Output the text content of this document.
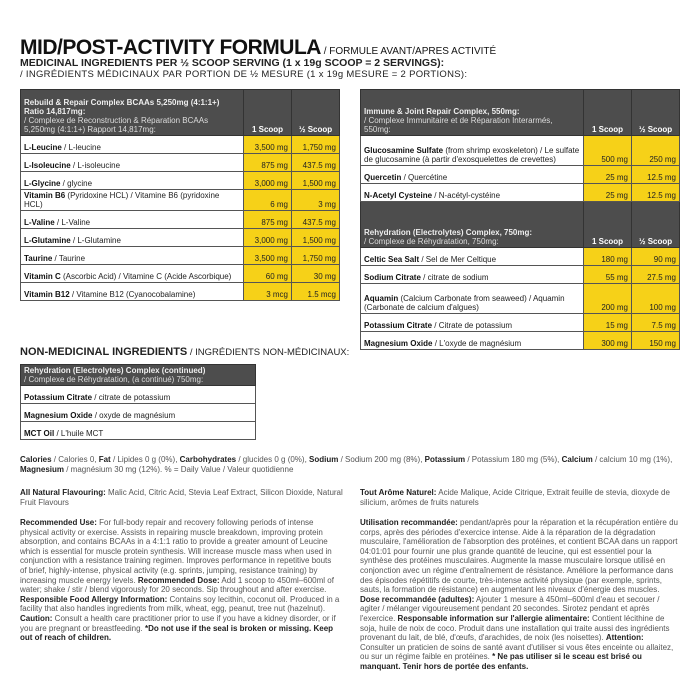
MID/POST-ACTIVITY FORMULA / FORMULE AVANT/APRES ACTIVITÉ
MEDICINAL INGREDIENTS PER ½ SCOOP SERVING (1 x 19g SCOOP = 2 SERVINGS):
/ INGRÉDIENTS MÉDICINAUX PAR PORTION DE ½ MESURE (1 x 19g MESURE = 2 PORTIONS):
Rebuild & Repair Complex BCAAs 5,250mg (4:1:1+) Ratio 14,817mg:
/ Complexe de Reconstruction & Réparation BCAAs 5,250mg (4:1:1+) Rapport 14,817mg:	1 Scoop	½ Scoop
L-Leucine / L-leucine	3,500 mg	1,750 mg
L-Isoleucine / L-isoleucine	875 mg	437.5 mg
L-Glycine / glycine	3,000 mg	1,500 mg
Vitamin B6 (Pyridoxine HCL) / Vitamine B6 (pyridoxine HCL)	6 mg	3 mg
L-Valine / L-Valine	875 mg	437.5 mg
L-Glutamine / L-Glutamine	3,000 mg	1,500 mg
Taurine / Taurine	3,500 mg	1,750 mg
Vitamin C (Ascorbic Acid) / Vitamine C (Acide Ascorbique)	60 mg	30 mg
Vitamin B12 / Vitamine B12 (Cyanocobalamine)	3 mcg	1.5 mcg
Immune & Joint Repair Complex, 550mg:
/ Complexe Immunitaire et de Réparation Interarmés, 550mg:	1 Scoop	½ Scoop
Glucosamine Sulfate (from shrimp exoskeleton) / Le sulfate de glucosamine (à partir d'exosquelettes de crevettes)	500 mg	250 mg
Quercetin / Quercétine	25 mg	12.5 mg
N-Acetyl Cysteine / N-acétyl-cystéine	25 mg	12.5 mg

Rehydration (Electrolytes) Complex, 750mg:
/ Complexe de Réhydratation, 750mg:	1 Scoop	½ Scoop
Celtic Sea Salt / Sel de Mer Celtique	180 mg	90 mg
Sodium Citrate / citrate de sodium	55 mg	27.5 mg
Aquamin (Calcium Carbonate from seaweed) / Aquamin (Carbonate de calcium d'algues)	200 mg	100 mg
Potassium Citrate / Citrate de potassium	15 mg	7.5 mg
Magnesium Oxide / L'oxyde de magnésium	300 mg	150 mg
NON-MEDICINAL INGREDIENTS / INGRÉDIENTS NON-MÉDICINAUX:
Rehydration (Electrolytes) Complex (continued)
/ Complexe de Réhydratation, (a continué) 750mg:

Potassium Citrate / citrate de potassium
Magnesium Oxide / oxyde de magnésium
MCT Oil / L'huile MCT
Calories / Calories 0, Fat / Lipides 0 g (0%), Carbohydrates / glucides 0 g (0%), Sodium / Sodium 200 mg (8%), Potassium / Potassium 180 mg (5%), Calcium / calcium 10 mg (1%), Magnesium / magnésium 30 mg (12%). % = Daily Value / Valeur quotidienne
All Natural Flavouring: Malic Acid, Citric Acid, Stevia Leaf Extract, Silicon Dioxide, Natural Fruit Flavours
Tout Arôme Naturel: Acide Malique, Acide Citrique, Extrait feuille de stevia, dioxyde de silicium, arômes de fruits naturels
Recommended Use: For full-body repair and recovery following periods of intense physical activity or exercise. Assists in repairing muscle breakdown, improving protein absorption, and contains BCAAs in a 4:1:1 ratio to provide a greater amount of Leucine which is essential for muscle protein synthesis. Will increase muscle mass when used in conjunction with a resistance training regimen. Improves performance in repetitive bouts of brief, highly-intense, physical activity (e.g. sprints, jumping, resistance training) by increasing muscle energy levels. Recommended Dose: Add 1 scoop to 450ml–600ml of water; shake / stir / blend vigorously for 20 seconds. Sip throughout and after exercise. Responsible Food Allergy Information: Contains soy lecithin, coconut oil. Produced in a facility that also handles ingredients from milk, wheat, egg, peanut, tree nut (hazelnut). Caution: Consult a health care practitioner prior to use if you have a kidney disorder, or if you are pregnant or breastfeeding. *Do not use if the seal is broken or missing. Keep out of reach of children.
Utilisation recommandée: pendant/après pour la réparation et la récupération entière du corps, après des périodes d'exercice intense. Aide à la réparation de la dégradation musculaire, l'amélioration de l'absorption des protéines, et contient BCAA dans un rapport 04:01:01 pour fournir une plus grande quantité de leucine, qui est essentiel pour la synthèse des protéines musculaires. Augmente la masse musculaire lorsque utilisé en conjonction avec un régime d'entraînement de résistance. Améliore la performance dans des épisodes répétitifs de courte, très-intense activité physique (par exemple, sprints, sauts, la formation de résistance) en augmentant les niveaux d'énergie des muscles. Dose recommandée (adultes): Ajouter 1 mesure à 450ml–600ml d'eau et secouer / agiter / mélanger vigoureusement pendant 20 secondes. Sirotez pendant et après l'exercice. Responsable information sur l'allergie alimentaire: Contient lécithine de soja, huile de noix de coco. Produit dans une installation qui traite aussi des ingrédients provenant du lait, de blé, d'œufs, d'arachides, de noix (les noisettes). Attention: Consulter un praticien de soins de santé avant d'utiliser si vous êtes enceinte ou allaitez, ou sur un régime faible en protéines. * Ne pas utiliser si le sceau est brisé ou manquant. Tenir hors de portée des enfants.
